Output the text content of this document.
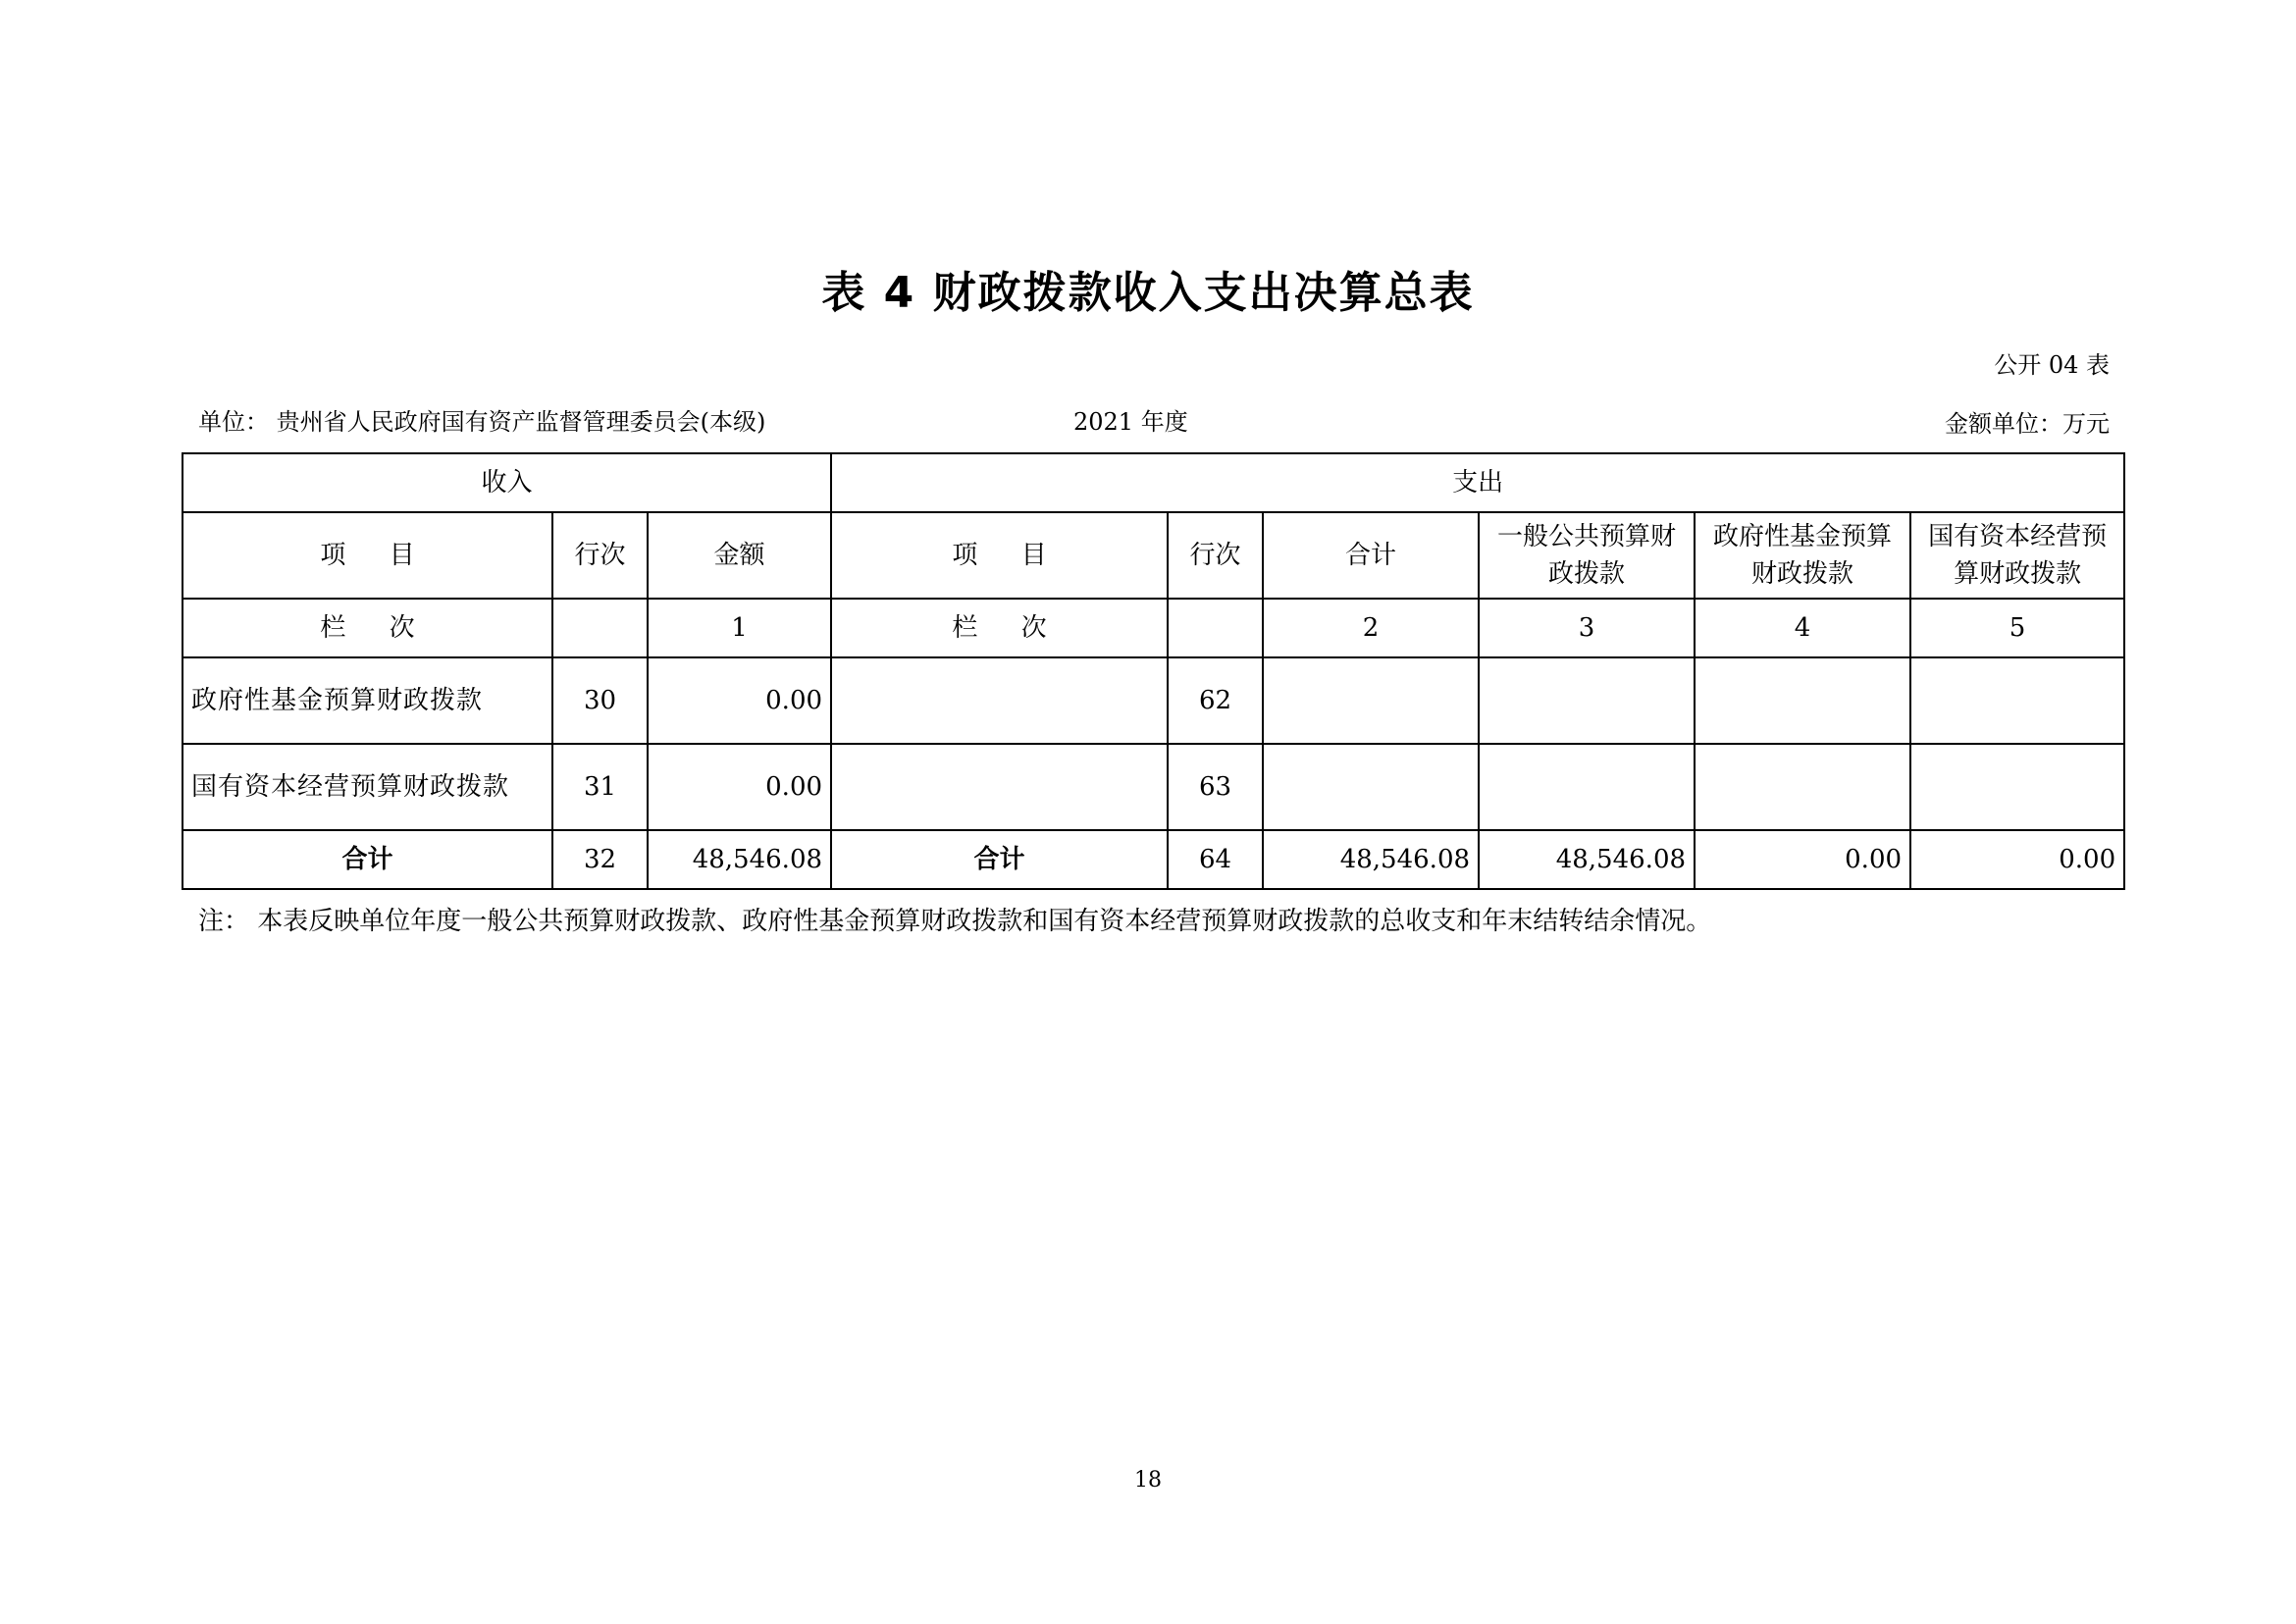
表 4 财政拨款收入支出决算总表
公开 04 表
单位： 贵州省人民政府国有资产监督管理委员会(本级)	2021 年度	金额单位：万元
收入			支出					
项 目	行次	金额	项 目	行次	合计	一般公共预算财政拨款	政府性基金预算财政拨款	国有资本经营预算财政拨款
栏 次		1	栏 次		2	3	4	5
政府性基金预算财政拨款	30	0.00		62				
国有资本经营预算财政拨款	31	0.00		63				
合计	32	48,546.08	合计	64	48,546.08	48,546.08	0.00	0.00
注： 本表反映单位年度一般公共预算财政拨款、政府性基金预算财政拨款和国有资本经营预算财政拨款的总收支和年末结转结余情况。
18
